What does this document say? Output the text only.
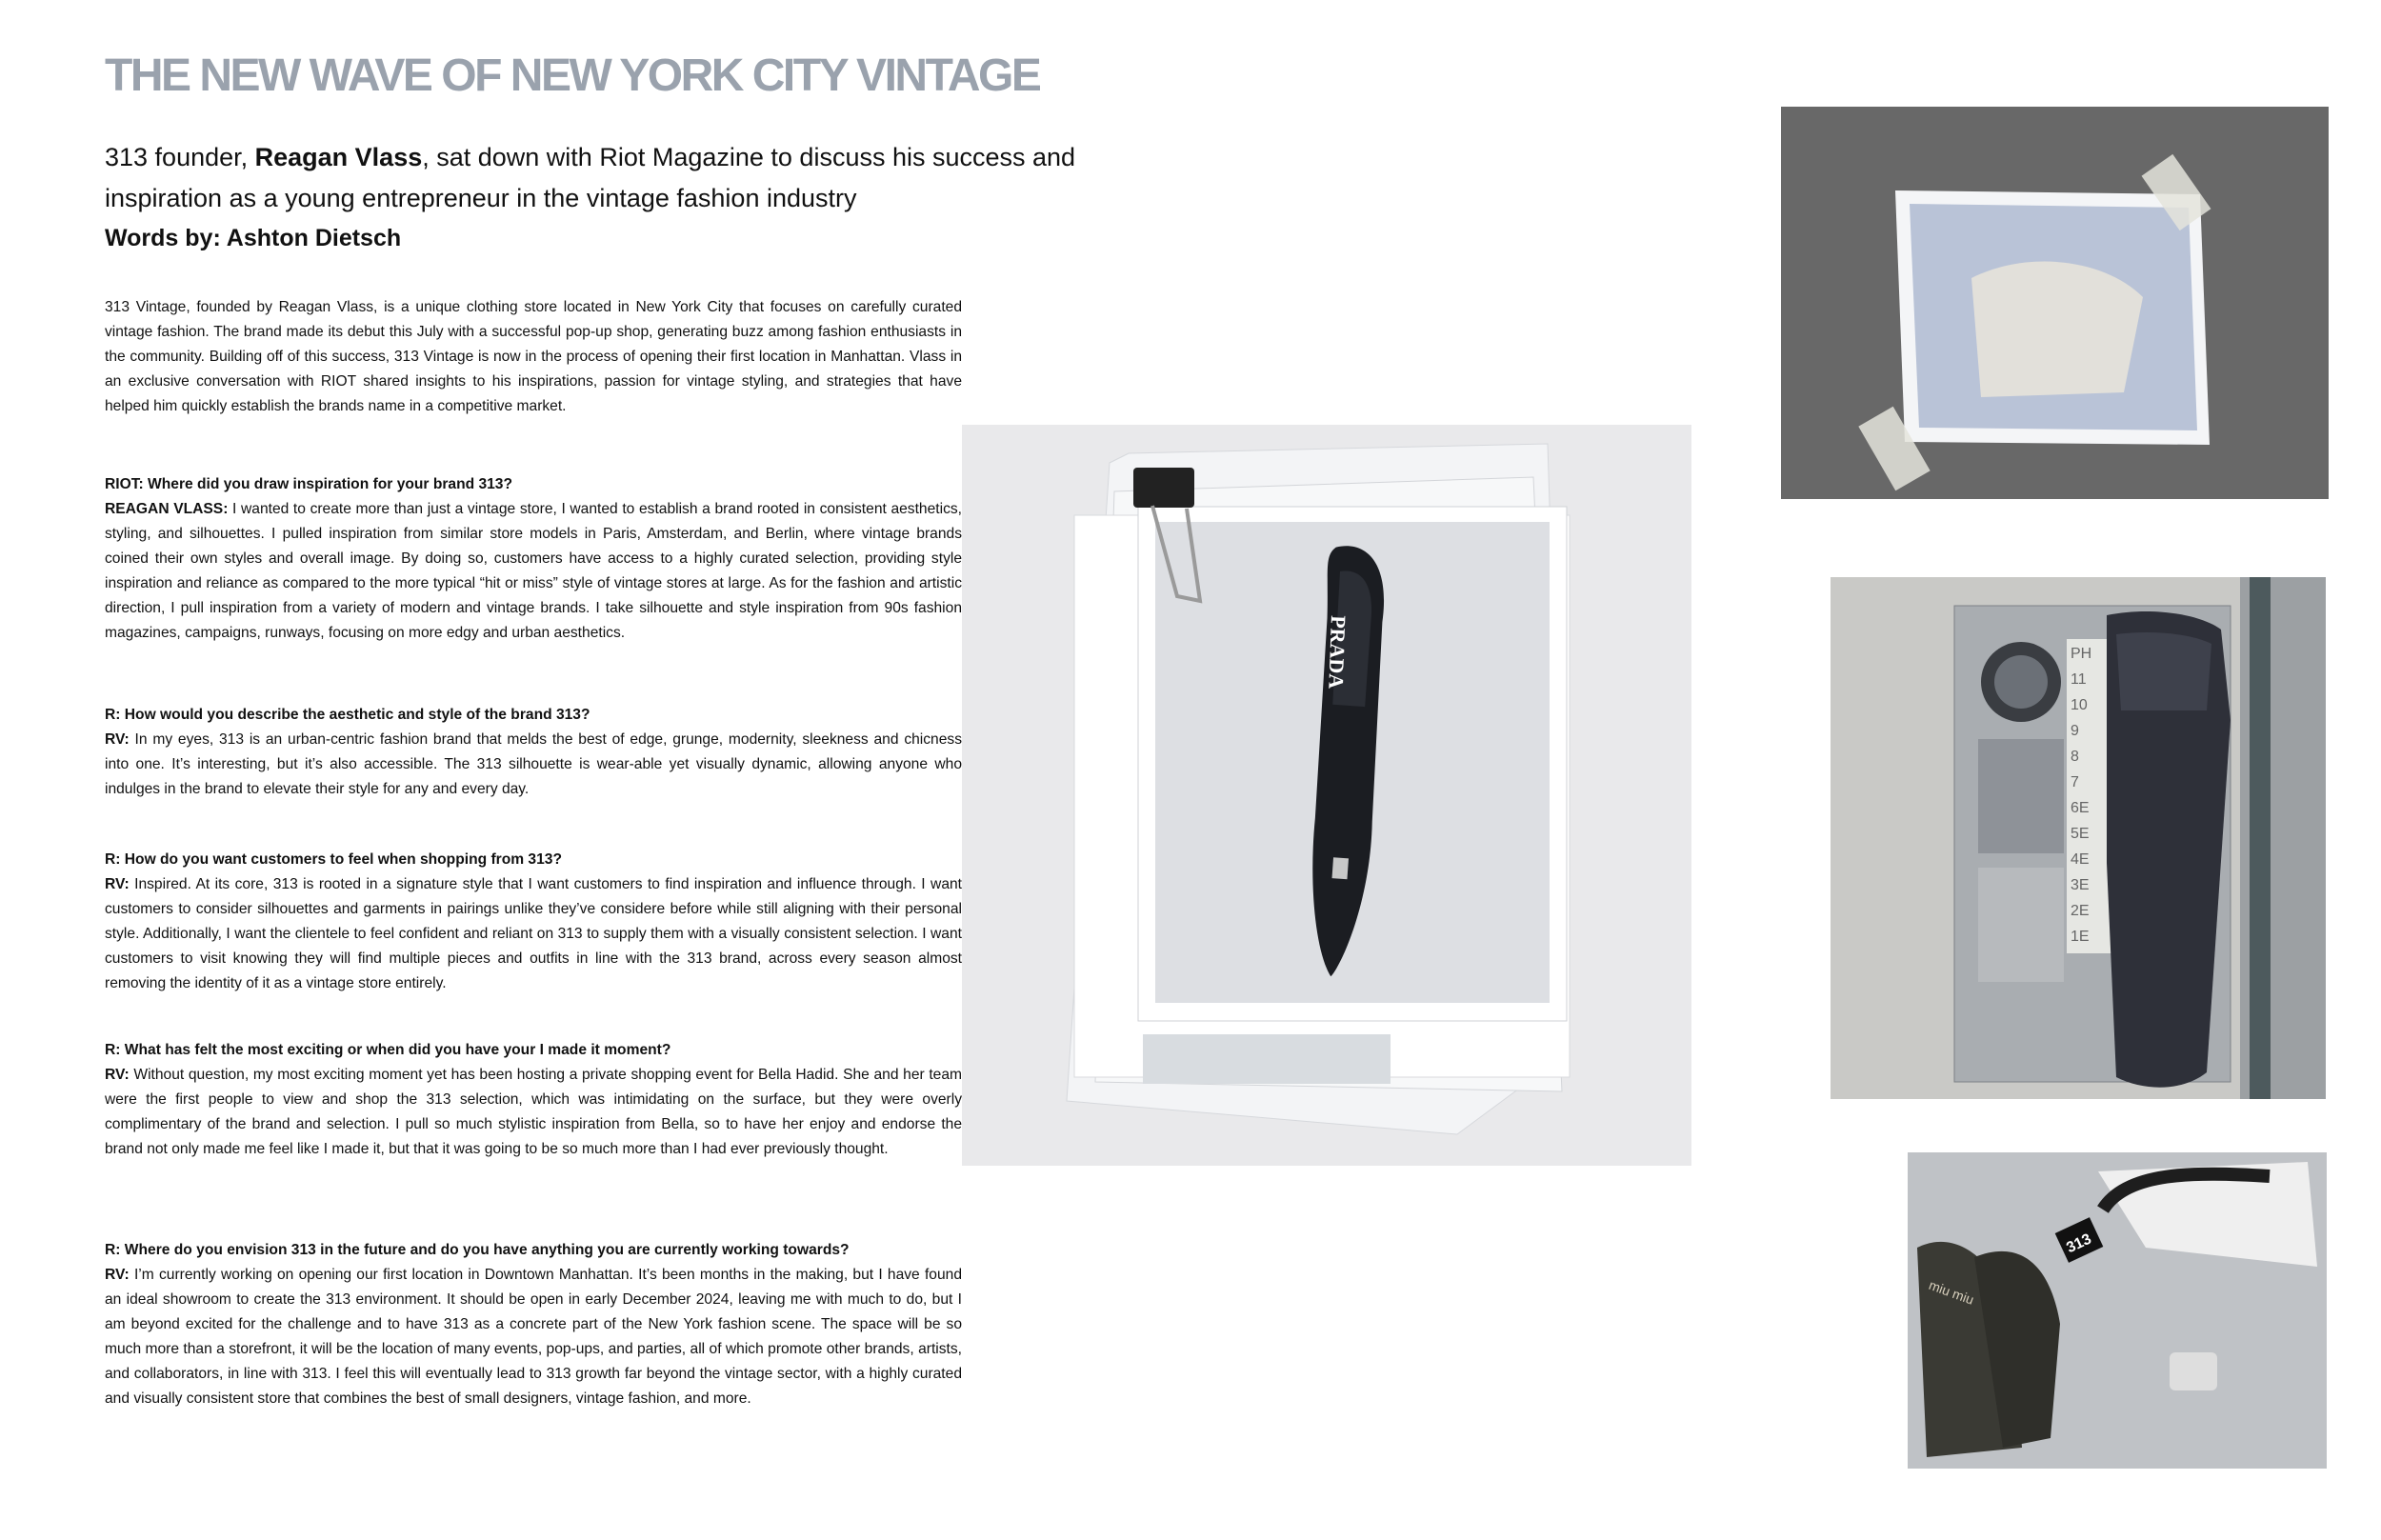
THE NEW WAVE OF NEW YORK CITY VINTAGE
313 founder, Reagan Vlass, sat down with Riot Magazine to discuss his success and inspiration as a young entrepreneur in the vintage fashion industry
Words by: Ashton Dietsch

313 Vintage, founded by Reagan Vlass, is a unique clothing store located in New York City that focuses on carefully curated vintage fashion. The brand made its debut this July with a successful pop-up shop, generating buzz among fashion enthusiasts in the community. Building off of this success, 313 Vintage is now in the process of opening their first location in Manhattan. Vlass in an exclusive conversation with RIOT shared insights to his inspirations, passion for vintage styling, and strategies that have helped him quickly establish the brands name in a competitive market.

RIOT: Where did you draw inspiration for your brand 313?

REAGAN VLASS: I wanted to create more than just a vintage store, I wanted to establish a brand rooted in consistent aesthetics, styling, and silhouettes. I pulled inspiration from similar store models in Paris, Amsterdam, and Berlin, where vintage brands coined their own styles and overall image. By doing so, customers have access to a highly curated selection, providing style inspiration and reliance as compared to the more typical “hit or miss” style of vintage stores at large. As for the fashion and artistic direction, I pull inspiration from a variety of modern and vintage brands. I take silhouette and style inspiration from 90s fashion magazines, campaigns, runways, focusing on more edgy and urban aesthetics.

R: How would you describe the aesthetic and style of the brand 313?

RV: In my eyes, 313 is an urban-centric fashion brand that melds the best of edge, grunge, modernity, sleekness and chicness into one. It’s interesting, but it’s also accessible. The 313 silhouette is wear-able yet visually dynamic, allowing anyone who indulges in the brand to elevate their style for any and every day.

R: How do you want customers to feel when shopping from 313?

RV: Inspired. At its core, 313 is rooted in a signature style that I want customers to find inspiration and influence through. I want customers to consider silhouettes and garments in pairings unlike they’ve considere before while still aligning with their personal style. Additionally, I want the clientele to feel confident and reliant on 313 to supply them with a visually consistent selection. I want customers to visit knowing they will find multiple pieces and outfits in line with the 313 brand, across every season almost removing the identity of it as a vintage store entirely.

R: What has felt the most exciting or when did you have your I made it moment?

RV: Without question, my most exciting moment yet has been hosting a private shopping event for Bella Hadid. She and her team were the first people to view and shop the 313 selection, which was intimidating on the surface, but they were overly complimentary of the brand and selection. I pull so much stylistic inspiration from Bella, so to have her enjoy and endorse the brand not only made me feel like I made it, but that it was going to be so much more than I had ever previously thought.

R: Where do you envision 313 in the future and do you have anything you are currently working towards?

RV: I’m currently working on opening our first location in Downtown Manhattan. It’s been months in the making, but I have found an ideal showroom to create the 313 environment. It should be open in early December 2024, leaving me with much to do, but I am beyond excited for the challenge and to have 313 as a concrete part of the New York fashion scene. The space will be so much more than a storefront, it will be the location of many events, pop-ups, and parties, all of which promote other brands, artists, and collaborators, in line with 313. I feel this will eventually lead to 313 growth far beyond the vintage sector, with a highly curated and visually consistent store that combines the best of small designers, vintage fashion, and more.

PRADA	PH
11
10
9
8
7
6E
5E
4E
3E
2E
1E
313
miu miu
